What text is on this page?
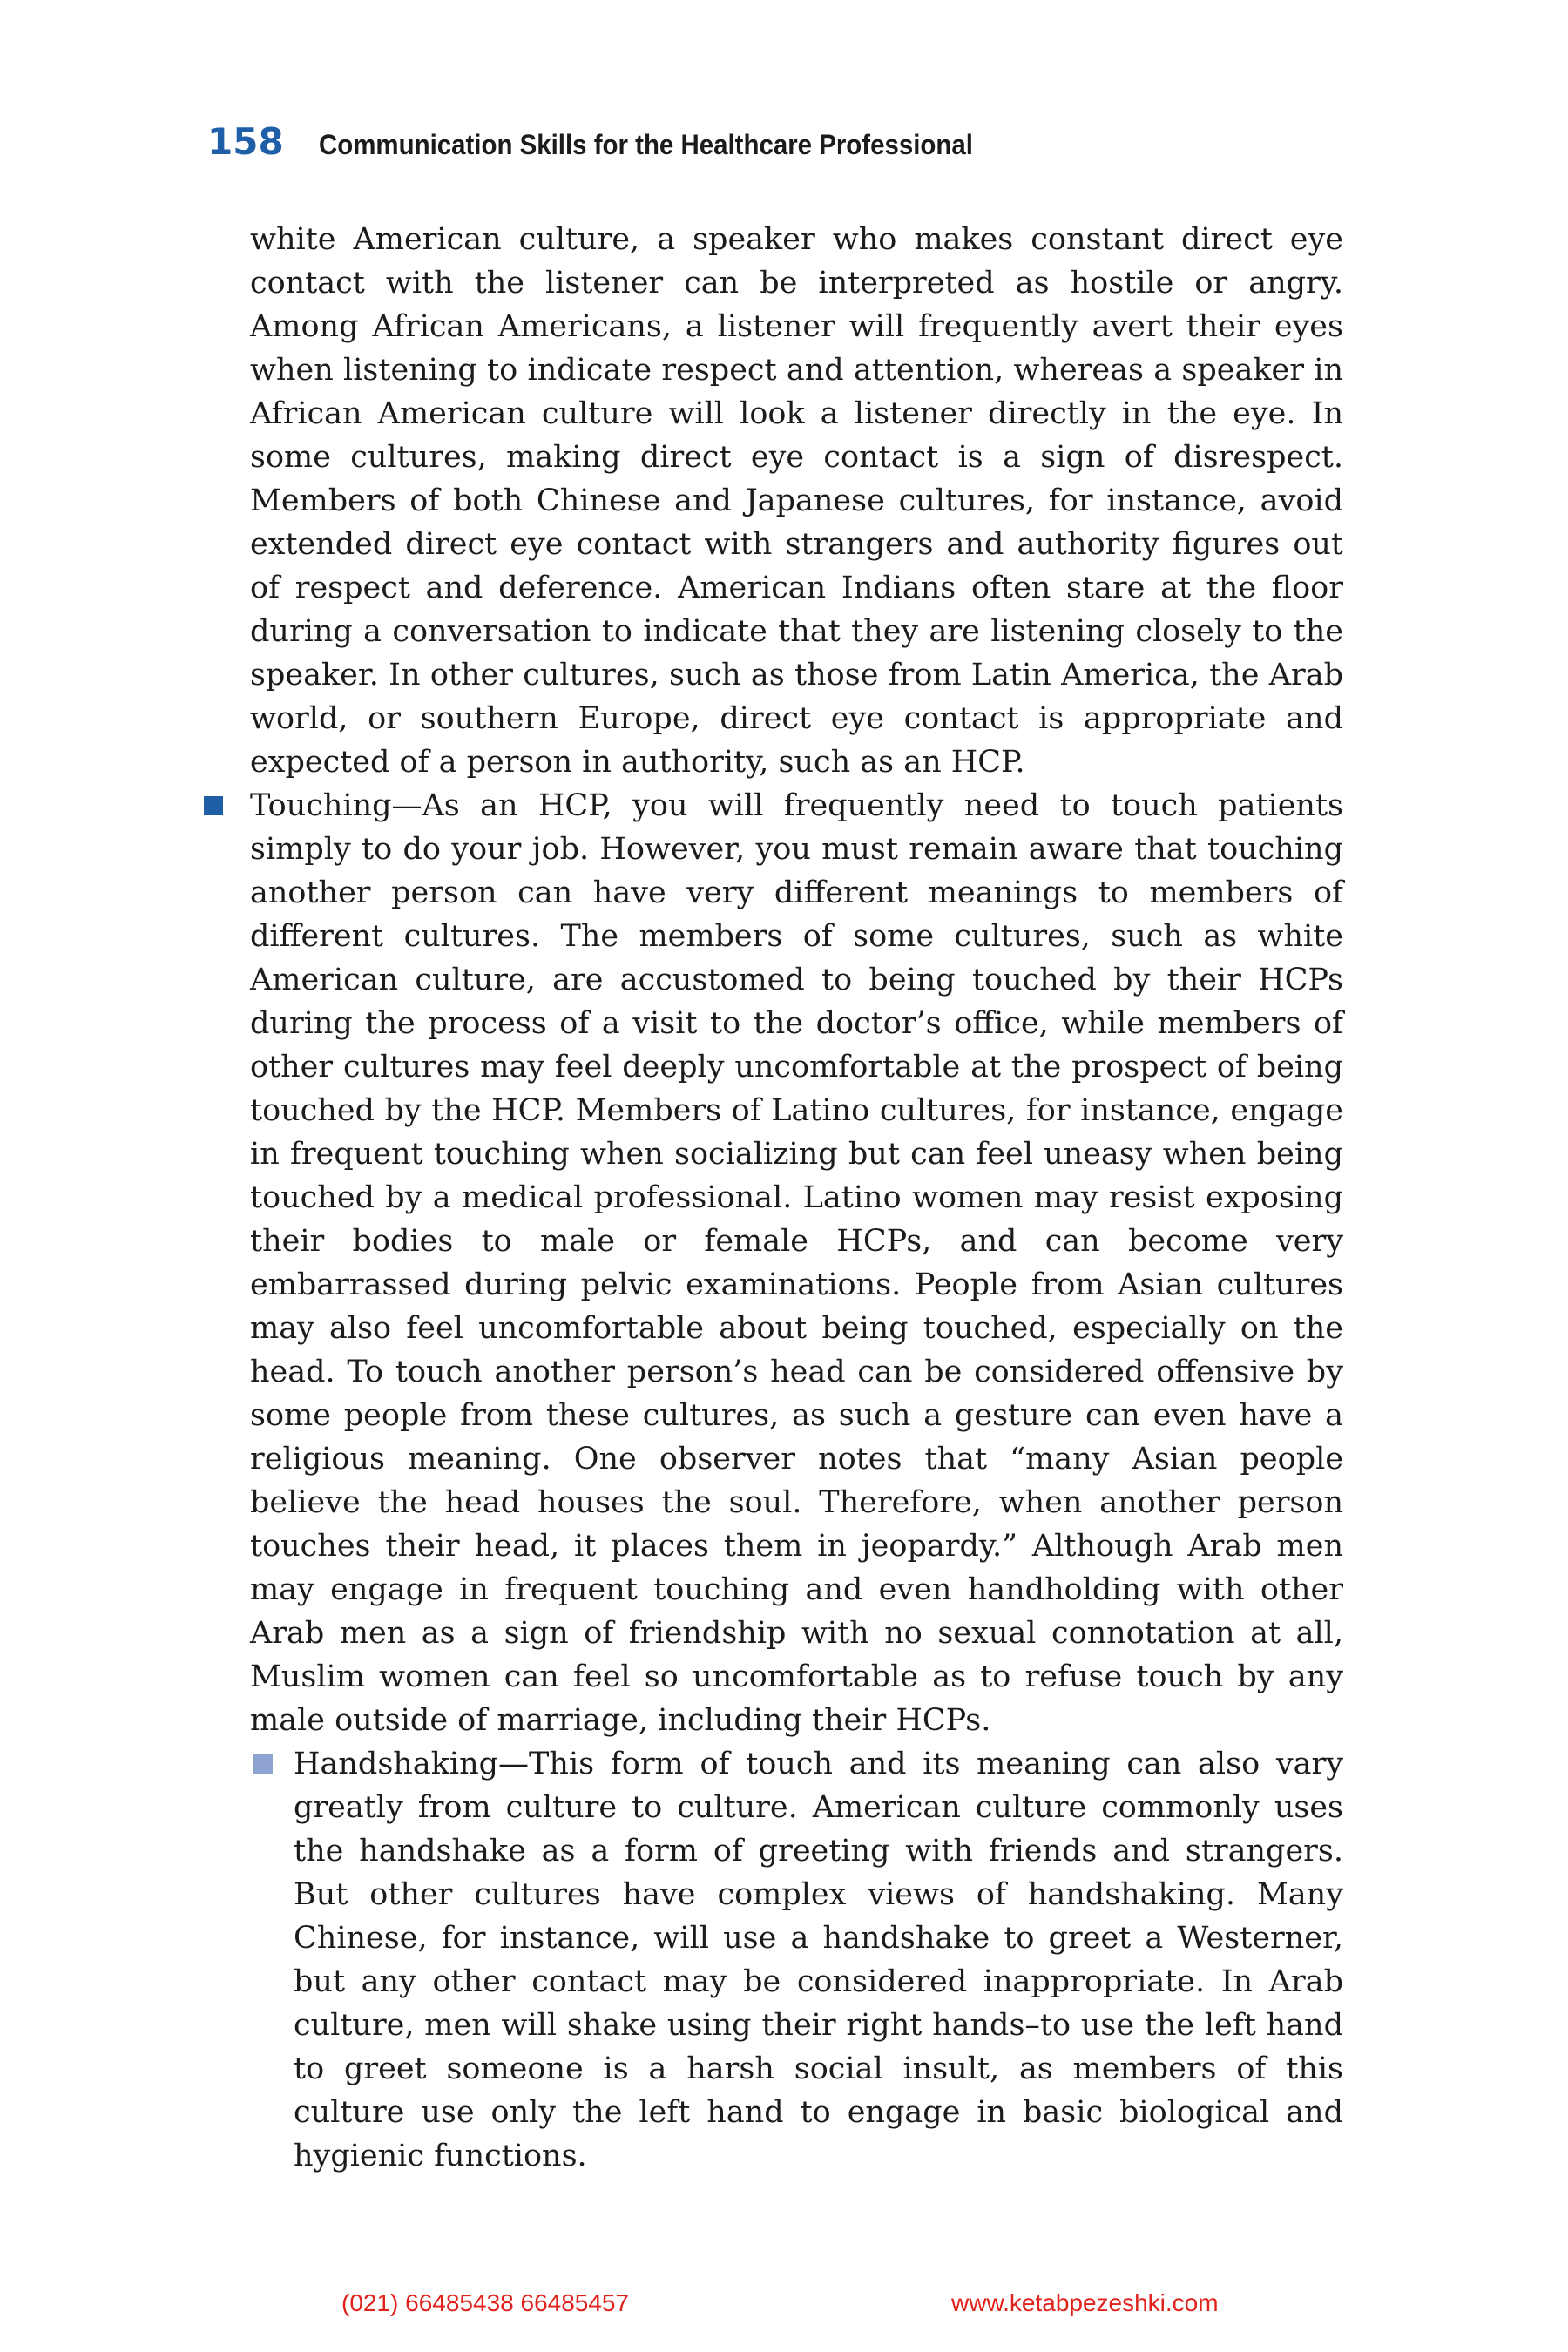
158 Communication Skills for the Healthcare Professional

white American culture, a speaker who makes constant direct eye contact with the listener can be interpreted as hostile or angry. Among African Americans, a listener will frequently avert their eyes when listening to indicate respect and attention, whereas a speaker in African American culture will look a listener directly in the eye. In some cultures, making direct eye contact is a sign of disrespect. Members of both Chinese and Japanese cultures, for instance, avoid extended direct eye contact with strangers and authority figures out of respect and deference. American Indians often stare at the floor during a conversation to indicate that they are listening closely to the speaker. In other cultures, such as those from Latin America, the Arab world, or southern Europe, direct eye contact is appropriate and expected of a person in authority, such as an HCP.

Touching—As an HCP, you will frequently need to touch patients simply to do your job. However, you must remain aware that touching another person can have very different meanings to members of different cultures. The members of some cultures, such as white American culture, are accustomed to being touched by their HCPs during the process of a visit to the doctor’s office, while members of other cultures may feel deeply uncomfortable at the prospect of being touched by the HCP. Members of Latino cultures, for instance, engage in frequent touching when socializing but can feel uneasy when being touched by a medical professional. Latino women may resist exposing their bodies to male or female HCPs, and can become very embarrassed during pelvic examinations. People from Asian cultures may also feel uncomfortable about being touched, especially on the head. To touch another person’s head can be considered offensive by some people from these cultures, as such a gesture can even have a religious meaning. One observer notes that “many Asian people believe the head houses the soul. Therefore, when another person touches their head, it places them in jeopardy.” Although Arab men may engage in frequent touching and even handholding with other Arab men as a sign of friendship with no sexual connotation at all, Muslim women can feel so uncomfortable as to refuse touch by any male outside of marriage, including their HCPs.

Handshaking—This form of touch and its meaning can also vary greatly from culture to culture. American culture commonly uses the handshake as a form of greeting with friends and strangers. But other cultures have complex views of handshaking. Many Chinese, for instance, will use a handshake to greet a Westerner, but any other contact may be considered inappropriate. In Arab culture, men will shake using their right hands–to use the left hand to greet someone is a harsh social insult, as members of this culture use only the left hand to engage in basic biological and hygienic functions.

(021) 66485438 66485457	www.ketabpezeshki.com
